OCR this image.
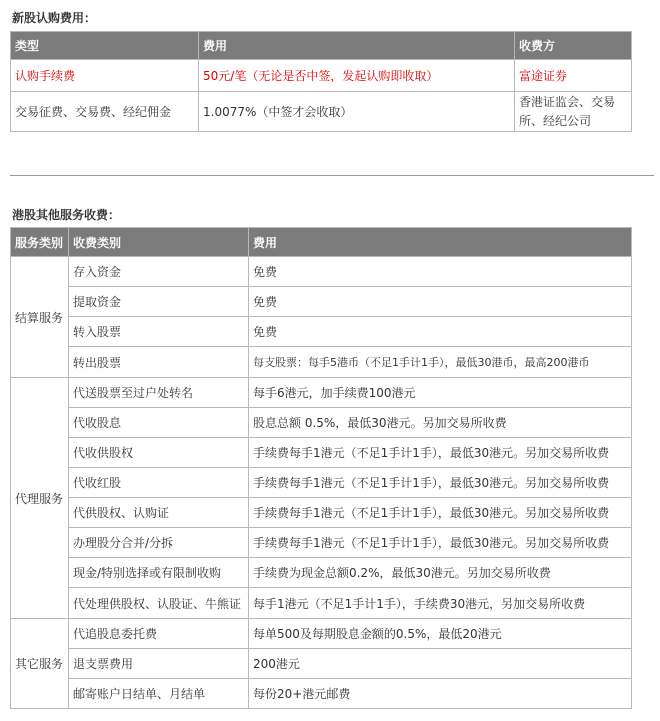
新股认购费用：
类型	费用	收费方
认购手续费	50元/笔（无论是否中签，发起认购即收取）	富途证券
交易征费、交易费、经纪佣金	1.0077%（中签才会收取）	香港证监会、交易所、经纪公司
港股其他服务收费：
服务类别	收费类别	费用
结算服务	存入资金	免费
	提取资金	免费
	转入股票	免费
	转出股票	每支股票：每手5港币（不足1手计1手），最低30港币，最高200港币
代理服务	代送股票至过户处转名	每手6港元，加手续费100港元
	代收股息	股息总额 0.5%，最低30港元。另加交易所收费
	代收供股权	手续费每手1港元（不足1手计1手），最低30港元。另加交易所收费
	代收红股	手续费每手1港元（不足1手计1手），最低30港元。另加交易所收费
	代供股权、认购证	手续费每手1港元（不足1手计1手），最低30港元。另加交易所收费
	办理股分合并/分拆	手续费每手1港元（不足1手计1手），最低30港元。另加交易所收费
	现金/特别选择或有限制收购	手续费为现金总额0.2%，最低30港元。另加交易所收费
	代处理供股权、认股证、牛熊证	每手1港元（不足1手计1手），手续费30港元，另加交易所收费
其它服务	代追股息委托费	每单500及每期股息金额的0.5%，最低20港元
	退支票费用	200港元
	邮寄账户日结单、月结单	每份20+港元邮费
